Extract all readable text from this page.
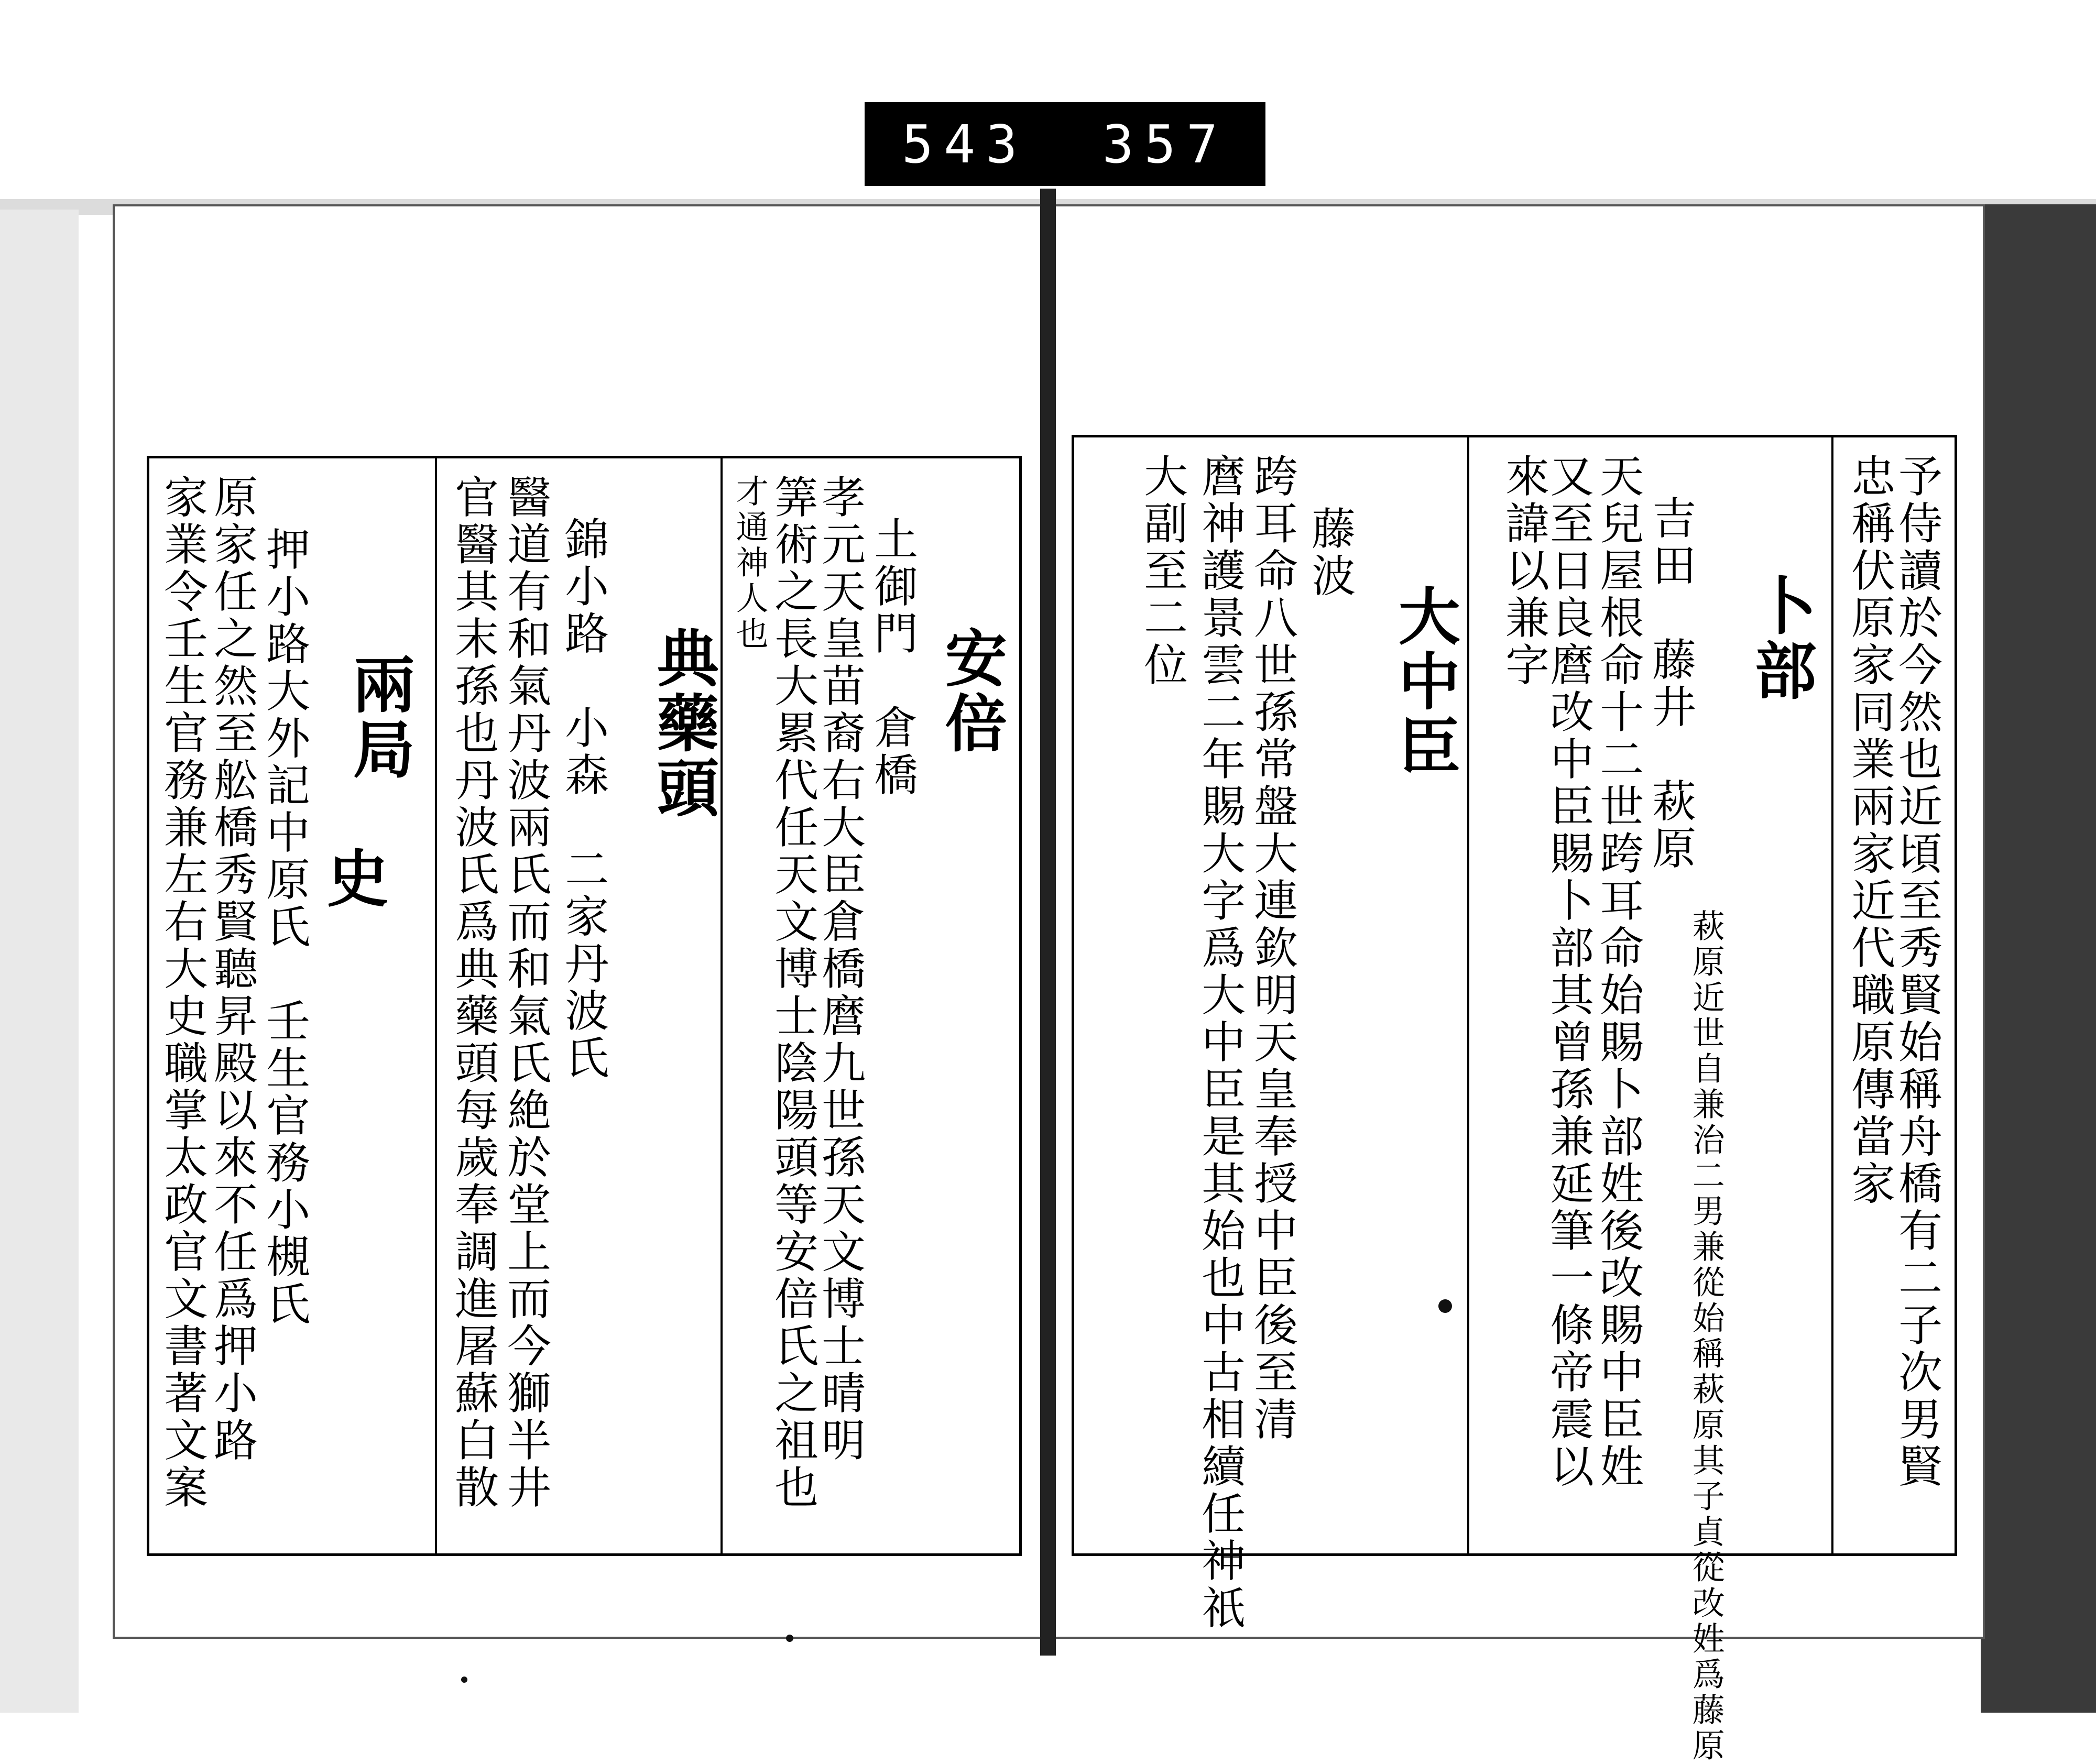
543 357
予侍讀於今然也近頃至秀賢始稱舟橋有二子次男賢
忠稱伏原家同業兩家近代職原傳當家
卜部
吉田　藤井　萩原
天兒屋根命十二世跨耳命始賜卜部姓後改賜中臣姓
又至日良麿改中臣賜卜部其曾孫兼延筆一條帝震以
來諱以兼字
萩原近世自兼治二男兼從始稱萩原其子貞從改姓爲藤原
大中臣
藤波
跨耳命八世孫常盤大連欽明天皇奉授中臣後至清
麿神護景雲二年賜大字爲大中臣是其始也中古相續任神祇
大副至二位
安倍
土御門　倉橋
孝元天皇苗裔右大臣倉橋麿九世孫天文博士晴明
筭術之長大累代任天文博士陰陽頭等安倍氏之祖也
才通神人也
典藥頭
錦小路　小森　二家丹波氏
醫道有和氣丹波兩氏而和氣氏絶於堂上而今獅半井
官醫其末孫也丹波氏爲典藥頭每歲奉調進屠蘇白散
兩局
史
押小路大外記中原氏　壬生官務小槻氏
原家任之然至舩橋秀賢聽昇殿以來不任爲押小路
家業令壬生官務兼左右大史職掌太政官文書著文案
